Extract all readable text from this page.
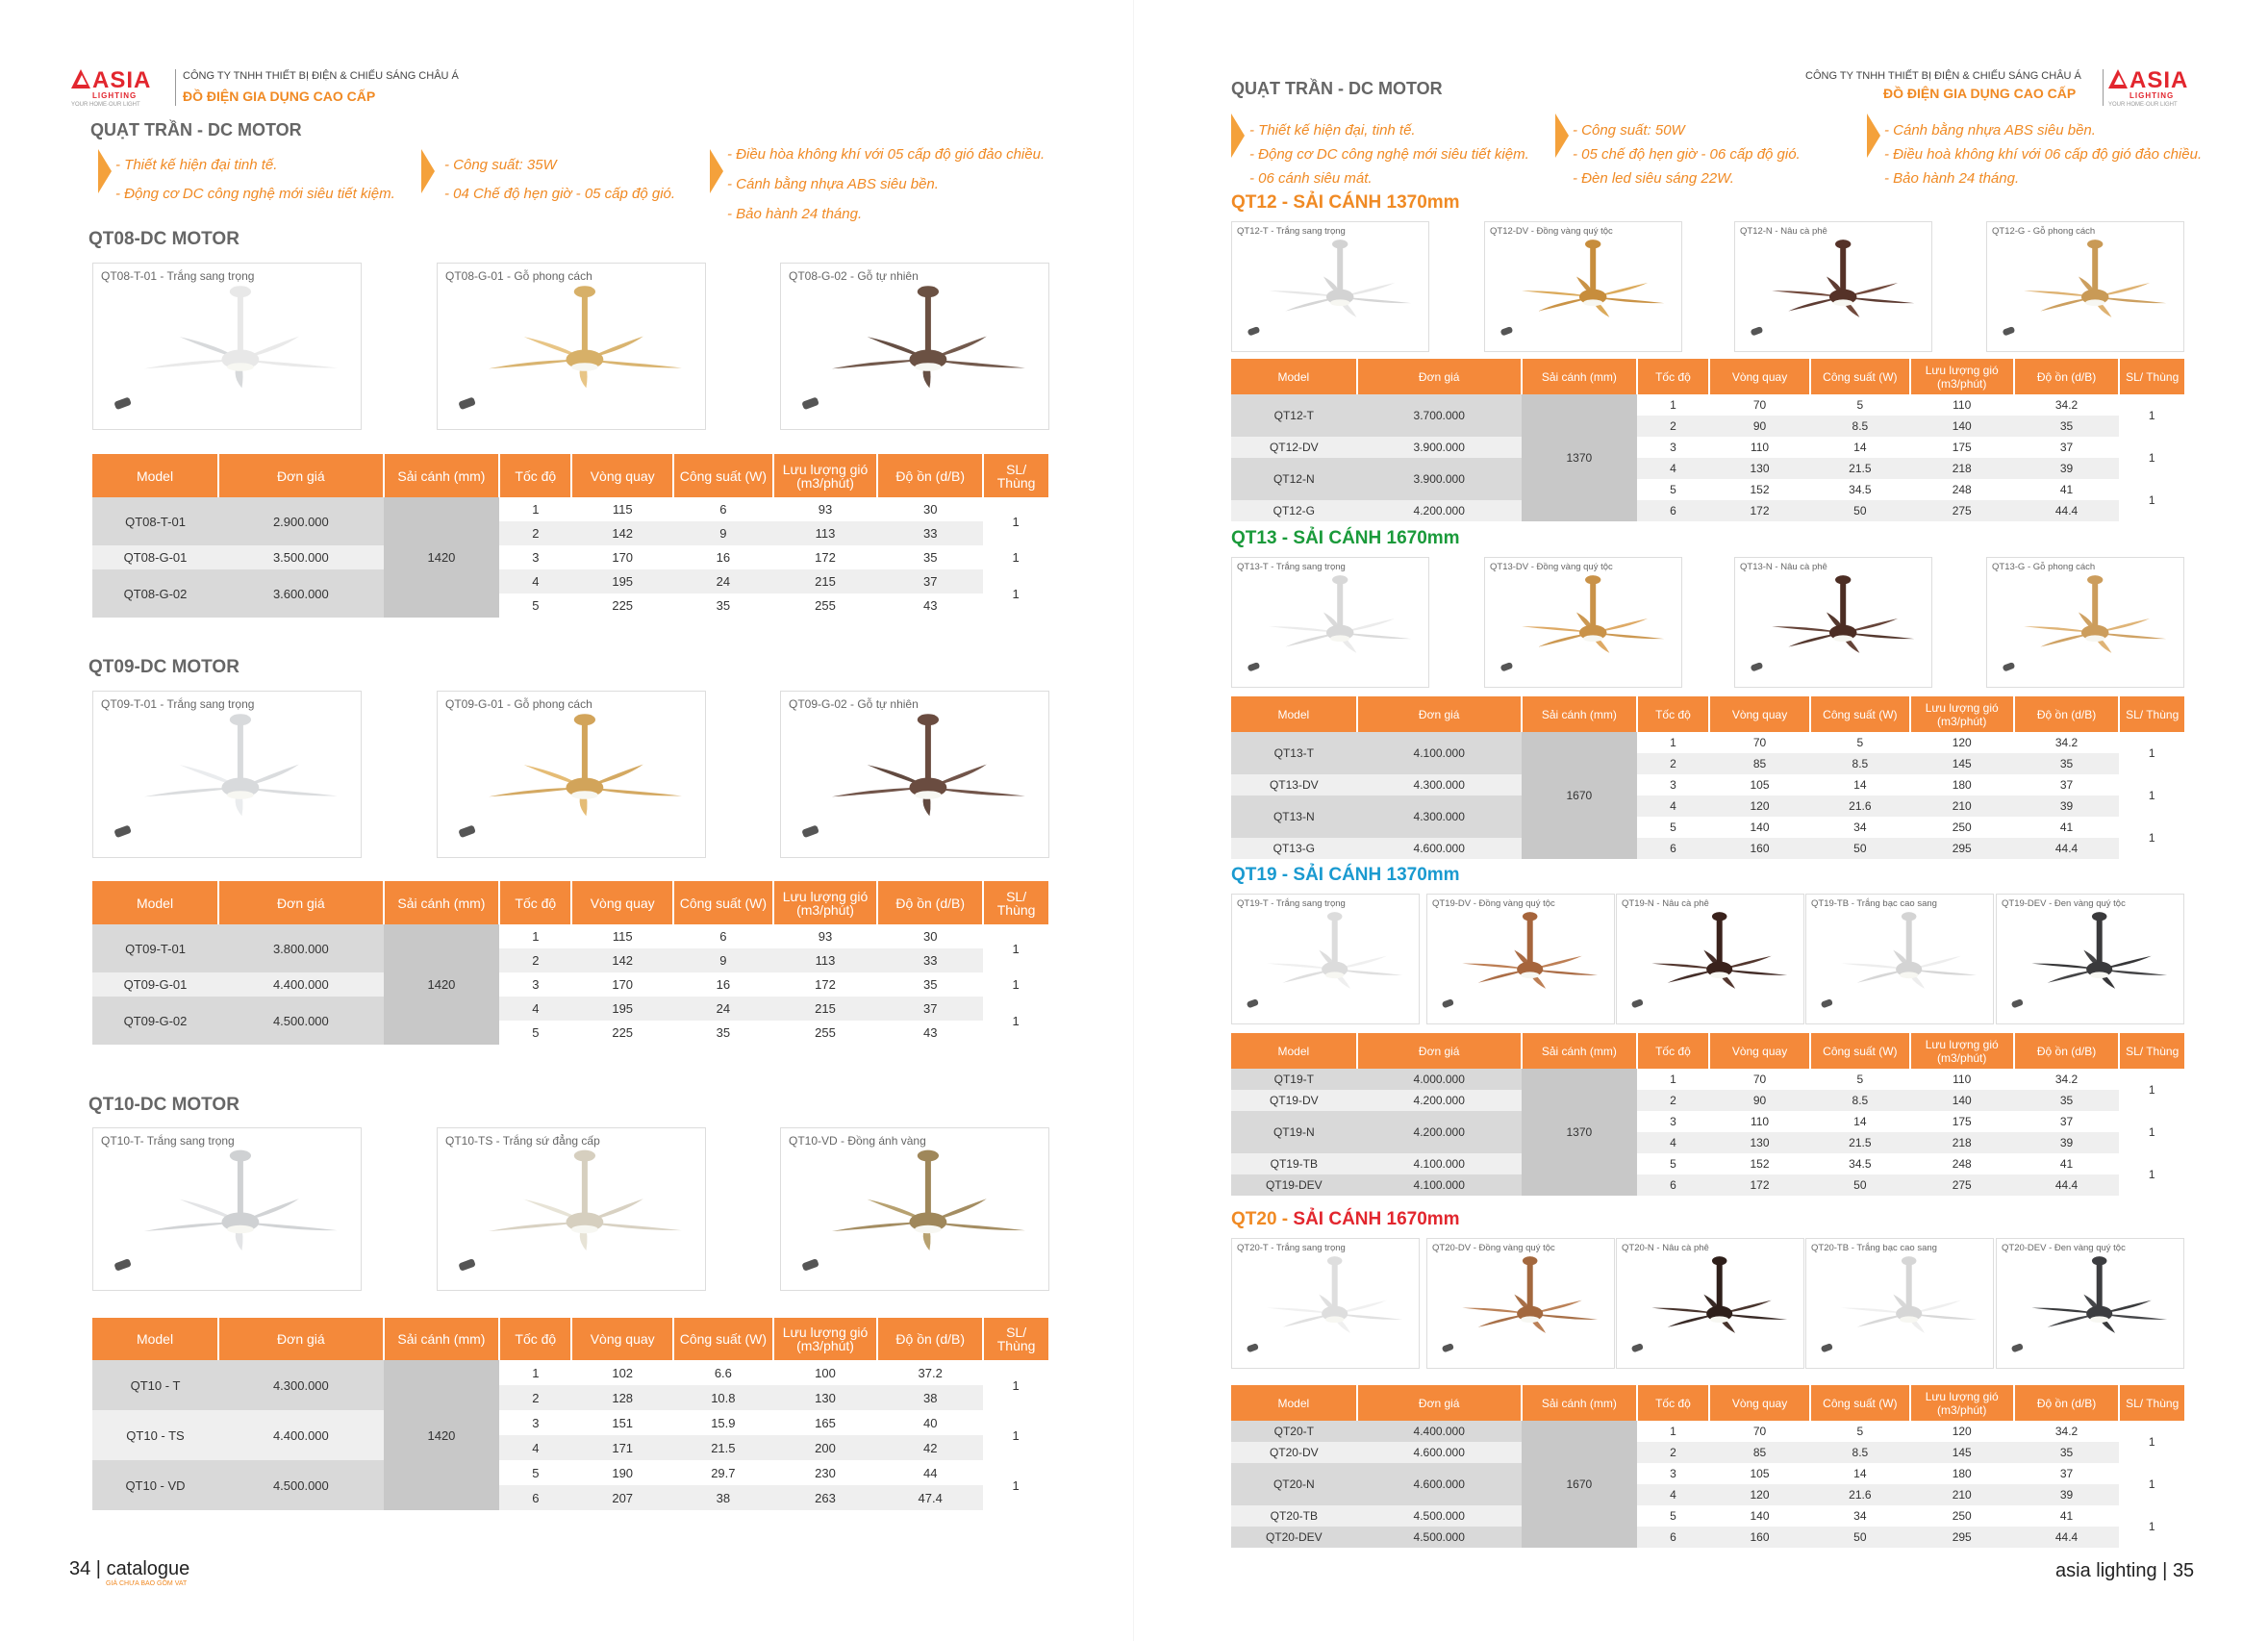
ASIA
LIGHTING
YOUR HOME·OUR LIGHT
CÔNG TY TNHH THIẾT BỊ ĐIỆN & CHIẾU SÁNG CHÂU Á
ĐỒ ĐIỆN GIA DỤNG CAO CẤP
QUẠT TRẦN - DC MOTOR
- Thiết kế hiện đại tinh tế.
- Động cơ DC công nghệ mới siêu tiết kiệm.
- Công suất: 35W
- 04 Chế độ hẹn giờ - 05 cấp độ gió.
- Điều hòa không khí với 05 cấp độ gió đảo chiều.
- Cánh bằng nhựa ABS siêu bền.
- Bảo hành 24 tháng.
QT08-DC MOTOR
QT08-T-01 - Trắng sang trọng	QT08-G-01 - Gỗ phong cách	QT08-G-02 - Gỗ tự nhiên
Model	Đơn giá	Sải cánh (mm)	Tốc độ	Vòng quay	Công suất (W)	Lưu lượng gió (m3/phút)	Độ ồn (d/B)	SL/ Thùng
QT08-T-01	2.900.000	1420	1	115	6	93	30	1
			2	142	9	113	33	
QT08-G-01	3.500.000		3	170	16	172	35	1
QT08-G-02	3.600.000		4	195	24	215	37	1
			5	225	35	255	43	
QT09-DC MOTOR
QT09-T-01 - Trắng sang trọng	QT09-G-01 - Gỗ phong cách	QT09-G-02 - Gỗ tự nhiên
Model	Đơn giá	Sải cánh (mm)	Tốc độ	Vòng quay	Công suất (W)	Lưu lượng gió (m3/phút)	Độ ồn (d/B)	SL/ Thùng
QT09-T-01	3.800.000	1420	1	115	6	93	30	1
			2	142	9	113	33	
QT09-G-01	4.400.000		3	170	16	172	35	1
QT09-G-02	4.500.000		4	195	24	215	37	1
			5	225	35	255	43	
QT10-DC MOTOR
QT10-T- Trắng sang trọng	QT10-TS - Trắng sứ đẳng cấp	QT10-VD - Đồng ánh vàng
Model	Đơn giá	Sải cánh (mm)	Tốc độ	Vòng quay	Công suất (W)	Lưu lượng gió (m3/phút)	Độ ồn (d/B)	SL/ Thùng
QT10 - T	4.300.000	1420	1	102	6.6	100	37.2	1
			2	128	10.8	130	38	
QT10 - TS	4.400.000		3	151	15.9	165	40	1
			4	171	21.5	200	42	
QT10 - VD	4.500.000		5	190	29.7	230	44	1
			6	207	38	263	47.4	
34 | catalogue
GIÁ CHƯA BAO GỒM VAT
QUẠT TRẦN - DC MOTOR
CÔNG TY TNHH THIẾT BỊ ĐIỆN & CHIẾU SÁNG CHÂU Á
ĐỒ ĐIỆN GIA DỤNG CAO CẤP ASIA
LIGHTING
YOUR HOME·OUR LIGHT
- Thiết kế hiện đại, tinh tế.
- Động cơ DC công nghệ mới siêu tiết kiệm.
- 06 cánh siêu mát.
- Công suất: 50W
- 05 chế độ hẹn giờ - 06 cấp độ gió.
- Đèn led siêu sáng 22W.
- Cánh bằng nhựa ABS siêu bền.
- Điều hoà không khí với 06 cấp độ gió đảo chiều.
- Bảo hành 24 tháng.
QT12 - SẢI CÁNH 1370mm
QT12-T - Trắng sang trọng	QT12-DV - Đồng vàng quý tộc	QT12-N - Nâu cà phê	QT12-G - Gỗ phong cách
Model	Đơn giá	Sải cánh (mm)	Tốc độ	Vòng quay	Công suất (W)	Lưu lượng gió (m3/phút)	Độ ồn (d/B)	SL/ Thùng
QT12-T	3.700.000	1370	1	70	5	110	34.2	1
			2	90	8.5	140	35	
QT12-DV	3.900.000		3	110	14	175	37	1
QT12-N	3.900.000		4	130	21.5	218	39	
			5	152	34.5	248	41	1
QT12-G	4.200.000		6	172	50	275	44.4	
QT13 - SẢI CÁNH 1670mm
QT13-T - Trắng sang trọng	QT13-DV - Đồng vàng quý tộc	QT13-N - Nâu cà phê	QT13-G - Gỗ phong cách
Model	Đơn giá	Sải cánh (mm)	Tốc độ	Vòng quay	Công suất (W)	Lưu lượng gió (m3/phút)	Độ ồn (d/B)	SL/ Thùng
QT13-T	4.100.000	1670	1	70	5	120	34.2	1
			2	85	8.5	145	35	
QT13-DV	4.300.000		3	105	14	180	37	1
QT13-N	4.300.000		4	120	21.6	210	39	
			5	140	34	250	41	1
QT13-G	4.600.000		6	160	50	295	44.4	
QT19 - SẢI CÁNH 1370mm
QT19-T - Trắng sang trọng	QT19-DV - Đồng vàng quý tộc	QT19-N - Nâu cà phê	QT19-TB - Trắng bạc cao sang	QT19-DEV - Đen vàng quý tộc
Model	Đơn giá	Sải cánh (mm)	Tốc độ	Vòng quay	Công suất (W)	Lưu lượng gió (m3/phút)	Độ ồn (d/B)	SL/ Thùng
QT19-T	4.000.000	1370	1	70	5	110	34.2	1
QT19-DV	4.200.000		2	90	8.5	140	35	
QT19-N	4.200.000		3	110	14	175	37	1
			4	130	21.5	218	39	
QT19-TB	4.100.000		5	152	34.5	248	41	1
QT19-DEV	4.100.000		6	172	50	275	44.4	
QT20 - SẢI CÁNH 1670mm
QT20-T - Trắng sang trọng	QT20-DV - Đồng vàng quý tộc	QT20-N - Nâu cà phê	QT20-TB - Trắng bạc cao sang	QT20-DEV - Đen vàng quý tộc
Model	Đơn giá	Sải cánh (mm)	Tốc độ	Vòng quay	Công suất (W)	Lưu lượng gió (m3/phút)	Độ ồn (d/B)	SL/ Thùng
QT20-T	4.400.000	1670	1	70	5	120	34.2	1
QT20-DV	4.600.000		2	85	8.5	145	35	
QT20-N	4.600.000		3	105	14	180	37	1
			4	120	21.6	210	39	
QT20-TB	4.500.000		5	140	34	250	41	1
QT20-DEV	4.500.000		6	160	50	295	44.4	
asia lighting | 35
